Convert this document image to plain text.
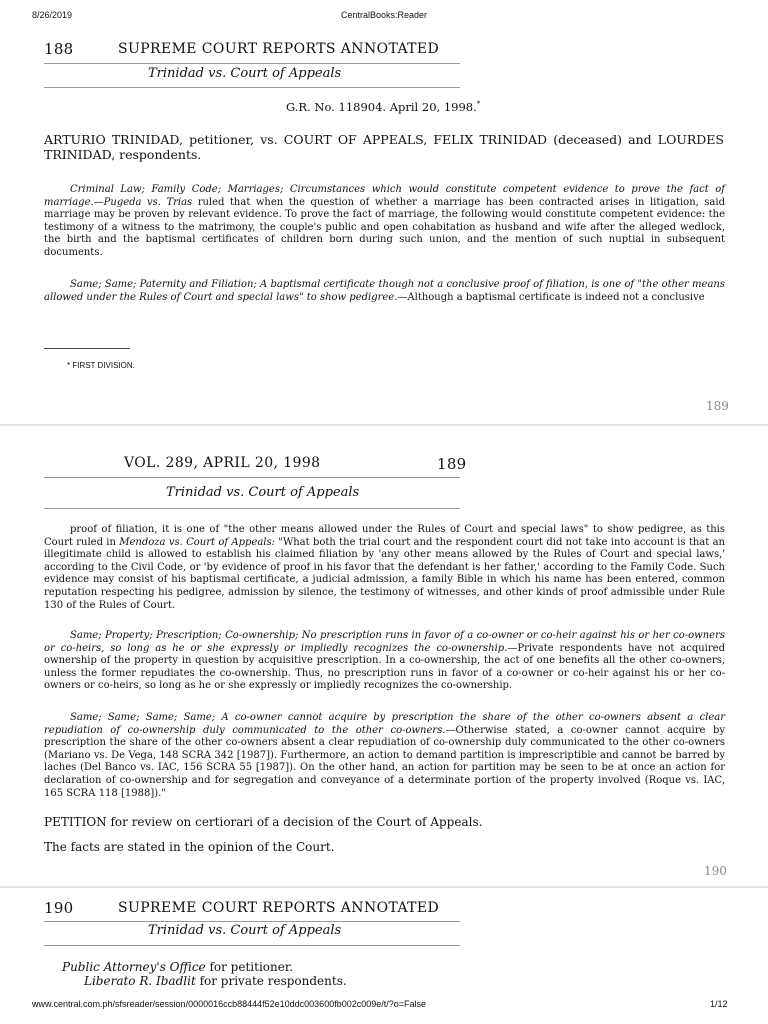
8/26/2019	CentralBooks:Reader
188	SUPREME COURT REPORTS ANNOTATED
Trinidad vs. Court of Appeals
G.R. No. 118904. April 20, 1998.*
ARTURIO TRINIDAD, petitioner, vs. COURT OF APPEALS, FELIX TRINIDAD (deceased) and LOURDES TRINIDAD, respondents.
Criminal Law; Family Code; Marriages; Circumstances which would constitute competent evidence to prove the fact of marriage.—Pugeda vs. Trias ruled that when the question of whether a marriage has been contracted arises in litigation, said marriage may be proven by relevant evidence. To prove the fact of marriage, the following would constitute competent evidence: the testimony of a witness to the matrimony, the couple's public and open cohabitation as husband and wife after the alleged wedlock, the birth and the baptismal certificates of children born during such union, and the mention of such nuptial in subsequent documents.
Same; Same; Paternity and Filiation; A baptismal certificate though not a conclusive proof of filiation, is one of "the other means allowed under the Rules of Court and special laws" to show pedigree.—Although a baptismal certificate is indeed not a conclusive
* FIRST DIVISION.
189
VOL. 289, APRIL 20, 1998	189
Trinidad vs. Court of Appeals
proof of filiation, it is one of "the other means allowed under the Rules of Court and special laws" to show pedigree, as this Court ruled in Mendoza vs. Court of Appeals: "What both the trial court and the respondent court did not take into account is that an illegitimate child is allowed to establish his claimed filiation by 'any other means allowed by the Rules of Court and special laws,' according to the Civil Code, or 'by evidence of proof in his favor that the defendant is her father,' according to the Family Code. Such evidence may consist of his baptismal certificate, a judicial admission, a family Bible in which his name has been entered, common reputation respecting his pedigree, admission by silence, the testimony of witnesses, and other kinds of proof admissible under Rule 130 of the Rules of Court.
Same; Property; Prescription; Co-ownership; No prescription runs in favor of a co-owner or co-heir against his or her co-owners or co-heirs, so long as he or she expressly or impliedly recognizes the co-ownership.—Private respondents have not acquired ownership of the property in question by acquisitive prescription. In a co-ownership, the act of one benefits all the other co-owners, unless the former repudiates the co-ownership. Thus, no prescription runs in favor of a co-owner or co-heir against his or her co-owners or co-heirs, so long as he or she expressly or impliedly recognizes the co-ownership.
Same; Same; Same; Same; A co-owner cannot acquire by prescription the share of the other co-owners absent a clear repudiation of co-ownership duly communicated to the other co-owners.—Otherwise stated, a co-owner cannot acquire by prescription the share of the other co-owners absent a clear repudiation of co-ownership duly communicated to the other co-owners (Mariano vs. De Vega, 148 SCRA 342 [1987]). Furthermore, an action to demand partition is imprescriptible and cannot be barred by laches (Del Banco vs. IAC, 156 SCRA 55 [1987]). On the other hand, an action for partition may be seen to be at once an action for declaration of co-ownership and for segregation and conveyance of a determinate portion of the property involved (Roque vs. IAC, 165 SCRA 118 [1988])."
PETITION for review on certiorari of a decision of the Court of Appeals.
The facts are stated in the opinion of the Court.
190
190	SUPREME COURT REPORTS ANNOTATED
Trinidad vs. Court of Appeals
Public Attorney's Office for petitioner.
Liberato R. Ibadlit for private respondents.
www.central.com.ph/sfsreader/session/0000016ccb88444f52e10ddc003600fb002c009e/t/?o=False	1/12
